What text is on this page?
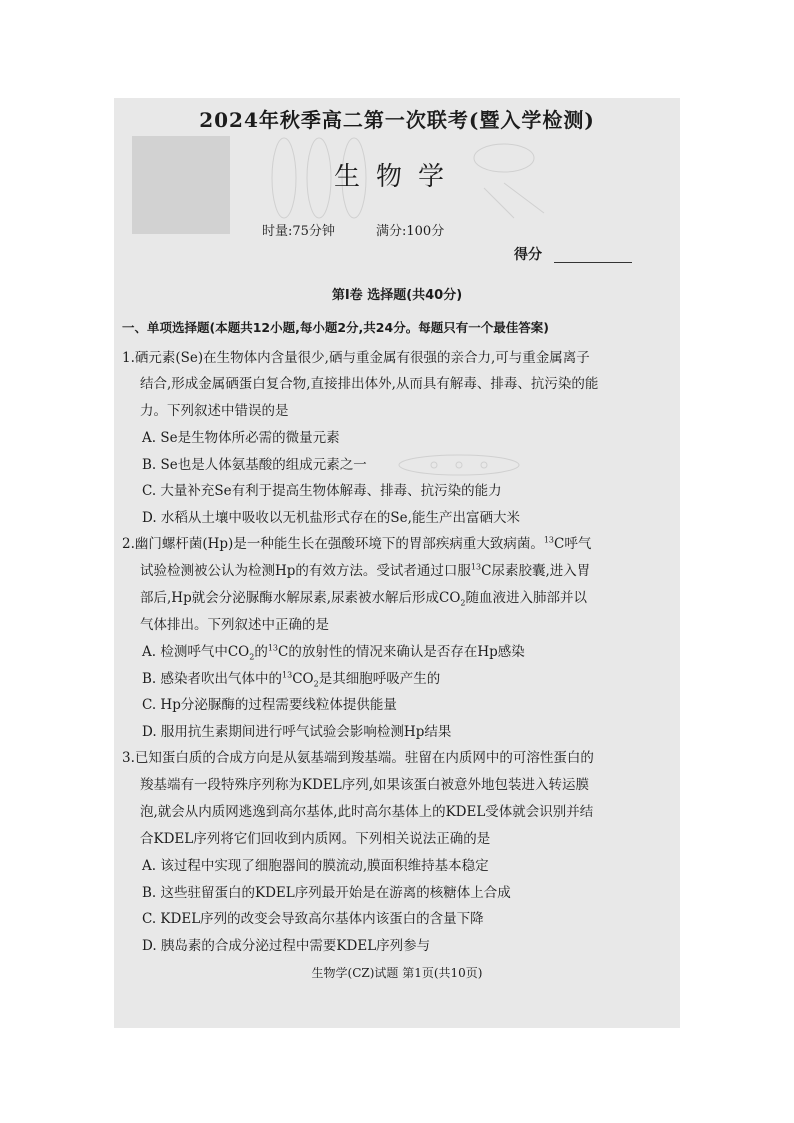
2024年秋季高二第一次联考(暨入学检测)
生物学
时量:75分钟	满分:100分
得分
第Ⅰ卷 选择题(共40分)
一、单项选择题(本题共12小题,每小题2分,共24分。每题只有一个最佳答案)
1.硒元素(Se)在生物体内含量很少,硒与重金属有很强的亲合力,可与重金属离子
结合,形成金属硒蛋白复合物,直接排出体外,从而具有解毒、排毒、抗污染的能
力。下列叙述中错误的是
A. Se是生物体所必需的微量元素
B. Se也是人体氨基酸的组成元素之一
C. 大量补充Se有利于提高生物体解毒、排毒、抗污染的能力
D. 水稻从土壤中吸收以无机盐形式存在的Se,能生产出富硒大米
2.幽门螺杆菌(Hp)是一种能生长在强酸环境下的胃部疾病重大致病菌。$^{13}$C呼气
试验检测被公认为检测Hp的有效方法。受试者通过口服$^{13}$C尿素胶囊,进入胃
部后,Hp就会分泌脲酶水解尿素,尿素被水解后形成$CO_2$随血液进入肺部并以
气体排出。下列叙述中正确的是
A. 检测呼气中$CO_2$的$^{13}$C的放射性的情况来确认是否存在Hp感染
B. 感染者吹出气体中的$^{13}CO_2$是其细胞呼吸产生的
C. Hp分泌脲酶的过程需要线粒体提供能量
D. 服用抗生素期间进行呼气试验会影响检测Hp结果
3.已知蛋白质的合成方向是从氨基端到羧基端。驻留在内质网中的可溶性蛋白的
羧基端有一段特殊序列称为KDEL序列,如果该蛋白被意外地包装进入转运膜
泡,就会从内质网逃逸到高尔基体,此时高尔基体上的KDEL受体就会识别并结
合KDEL序列将它们回收到内质网。下列相关说法正确的是
A. 该过程中实现了细胞器间的膜流动,膜面积维持基本稳定
B. 这些驻留蛋白的KDEL序列最开始是在游离的核糖体上合成
C. KDEL序列的改变会导致高尔基体内该蛋白的含量下降
D. 胰岛素的合成分泌过程中需要KDEL序列参与
生物学(CZ)试题 第1页(共10页)
